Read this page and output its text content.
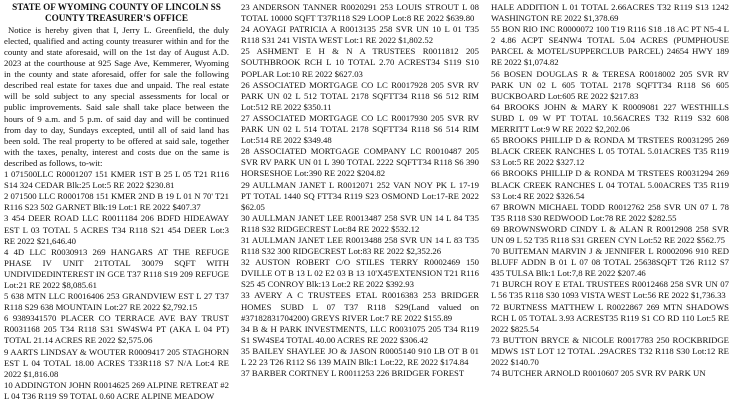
STATE OF WYOMING COUNTY OF LINCOLN SS

COUNTY TREASURER'S OFFICE

Notice is hereby given that I, Jerry L. Greenfield, the duly elected, qualified and acting county treasurer within and for the county and state aforesaid, will on the 1st day of August A.D. 2023 at the courthouse at 925 Sage Ave, Kemmerer, Wyoming in the county and state aforesaid, offer for sale the following described real estate for taxes due and unpaid. The real estate will be sold subject to any special assessments for local or public improvements. Said sale shall take place between the hours of 9 a.m. and 5 p.m. of said day and will be continued from day to day, Sundays excepted, until all of said land has been sold. The real property to be offered at said sale, together with the taxes, penalty, interest and costs due on the same is described as follows, to-wit:

1 071500LLC R0001207 151 KMER 1ST B 25 L 05 T21 R116 S14 324 CEDAR Blk:25 Lot:5 RE 2022 $230.81

2 071500 LLC R0001708 151 KMER 2ND B 19 L 01 N 70' T21 R116 S23 502 GARNET Blk:19 Lot:1 RE 2022 $407.37

3 454 DEER ROAD LLC R0011184 206 BDFD HIDEAWAY EST L 03 TOTAL 5 ACRES T34 R118 S21 454 DEER Lot:3 RE 2022 $21,646.40

4 4D LLC R0030913 269 HANGARS AT THE REFUGE PHASE IV UNIT 21TOTAL 30079 SQFT WITH UNDIVIDEDINTEREST IN GCE T37 R118 S19 209 REFUGE Lot:21 RE 2022 $8,085.61

5 638 MTN LLC R0016406 253 GRANDVIEW EST L 27 T37 R118 S29 638 MOUNTAIN Lot:27 RE 2022 $2,792.15

6 9389341570 PLACER CO TERRACE AVE BAY TRUST R0031168 205 T34 R118 S31 SW4SW4 PT (AKA L 04 PT) TOTAL 21.14 ACRES RE 2022 $2,575.06

9 AARTS LINDSAY & WOUTER R0009417 205 STAGHORN EST L 04 TOTAL 18.00 ACRES T33R118 S7 N/A Lot:4 RE 2022 $1,816.08

10 ADDINGTON JOHN R0014625 269 ALPINE RETREAT #2 L 04 T36 R119 S9 TOTAL 0.60 ACRE ALPINE MEADOW

23 ANDERSON TANNER R0020291 253 LOUIS STROUT L 08 TOTAL 10000 SQFT T37R118 S29 LOOP Lot:8 RE 2022 $639.80

24 AOYAGI PATRICIA A R0013135 258 SVR UN 10 L 01 T35 R118 S31 241 VISTA WEST Lot:1 RE 2022 $1,802.52

25 ASHMENT E H & N A TRUSTEES R0011812 205 SOUTHBROOK RCH L 10 TOTAL 2.70 ACREST34 S119 S10 POPLAR Lot:10 RE 2022 $627.03

26 ASSOCIATED MORTGAGE CO LC R0017928 205 SVR RV PARK UN 02 L 512 TOTAL 2178 SQFTT34 R118 S6 512 RIM Lot:512 RE 2022 $350.11

27 ASSOCIATED MORTGAGE CO LC R0017930 205 SVR RV PARK UN 02 L 514 TOTAL 2178 SQFTT34 R118 S6 514 RIM Lot:514 RE 2022 $349.48

28 ASSOCIATED MORTGAGE COMPANY LC R0010487 205 SVR RV PARK UN 01 L 390 TOTAL 2222 SQFTT34 R118 S6 390 HORSESHOE Lot:390 RE 2022 $204.82

29 AULLMAN JANET L R0012071 252 VAN NOY PK L 17-19 PT TOTAL 1440 SQ FTT34 R119 S23 OSMOND Lot:17-RE 2022 $62.05

30 AULLMAN JANET LEE R0013487 258 SVR UN 14 L 84 T35 R118 S32 RIDGECREST Lot:84 RE 2022 $532.12

31 AULLMAN JANET LEE R0013488 258 SVR UN 14 L 83 T35 R118 S32 300 RIDGECREST Lot:83 RE 2022 $2,352.26

32 AUSTON ROBERT C/O STILES TERRY R0002469 150 DVILLE OT B 13 L 02 E2 03 B 13 10'X45'EXTENSION T21 R116 S25 45 CONROY Blk:13 Lot:2 RE 2022 $392.93

33 AVERY A C TRUSTEES ETAL R0016383 253 BRIDGER HOMES SUBD L 07 T37 R118 S29(Land valued on #37182831704200) GREYS RIVER Lot:7 RE 2022 $155.89

34 B & H PARK INVESTMENTS, LLC R0031075 205 T34 R119 S1 SW4SE4 TOTAL 40.00 ACRES RE 2022 $306.42

35 BAILEY SHAYLEE JO & JASON R0005140 910 LB OT B 01 L 22 23 T26 R112 S6 139 MAIN Blk:1 Lot:22, RE 2022 $174.84

37 BARBER CORTNEY L R0011253 226 BRIDGER FOREST

HALE ADDITION L 01 TOTAL 2.66ACRES T32 R119 S13 1242 WASHINGTON RE 2022 $1,378.69

55 BON RIO INC R0000072 100 T19 R116 S18 .18 AC PT N5-4 L 2 4.86 ACPT SE4NW4 TOTAL 5.04 ACRES (PUMPHOUSE PARCEL & MOTEL/SUPPERCLUB PARCEL) 24654 HWY 189 RE 2022 $1,074.82

56 BOSEN DOUGLAS R & TERESA R0018002 205 SVR RV PARK UN 02 L 605 TOTAL 2178 SQFTT34 R118 S6 605 BUCKBOARD Lot:605 RE 2022 $217.83

64 BROOKS JOHN & MARY K R0009081 227 WESTHILLS SUBD L 09 W PT TOTAL 10.56ACRES T32 R119 S32 608 MERRITT Lot:9 W RE 2022 $2,202.06

65 BROOKS PHILLIP D & RONDA M TRSTEES R0031295 269 BLACK CREEK RANCHES L 05 TOTAL 5.01ACRES T35 R119 S3 Lot:5 RE 2022 $327.12

66 BROOKS PHILLIP D & RONDA M TRSTEES R0031294 269 BLACK CREEK RANCHES L 04 TOTAL 5.00ACRES T35 R119 S3 Lot:4 RE 2022 $326.54

67 BROWN MICHAEL TODD R0012762 258 SVR UN 07 L 78 T35 R118 S30 REDWOOD Lot:78 RE 2022 $282.55

69 BROWNSWORD CINDY L & ALAN R R0012908 258 SVR UN 09 L 52 T35 R118 S31 GREEN CYN Lot:52 RE 2022 $562.75

70 BUITEMAN MARVIN J & JENNIFER L R0002096 910 RED BLUFF ADDN B 01 L 07 08 TOTAL 25638SQFT T26 R112 S7 435 TULSA Blk:1 Lot:7,8 RE 2022 $207.46

71 BURCH ROY E ETAL TRUSTEES R0012468 258 SVR UN 07 L 56 T35 R118 S30 1093 VISTA WEST Lot:56 RE 2022 $1,736.33

72 BURTNESS MATTHEW L R0022867 269 MTN SHADOWS RCH L 05 TOTAL 3.93 ACREST35 R119 S1 CO RD 110 Lot:5 RE 2022 $825.54

73 BUTTON BRYCE & NICOLE R0017783 250 ROCKBRIDGE MDWS 1ST LOT 12 TOTAL .29ACRES T32 R118 S30 Lot:12 RE 2022 $140.70

74 BUTCHER ARNOLD R0010607 205 SVR RV PARK UN
